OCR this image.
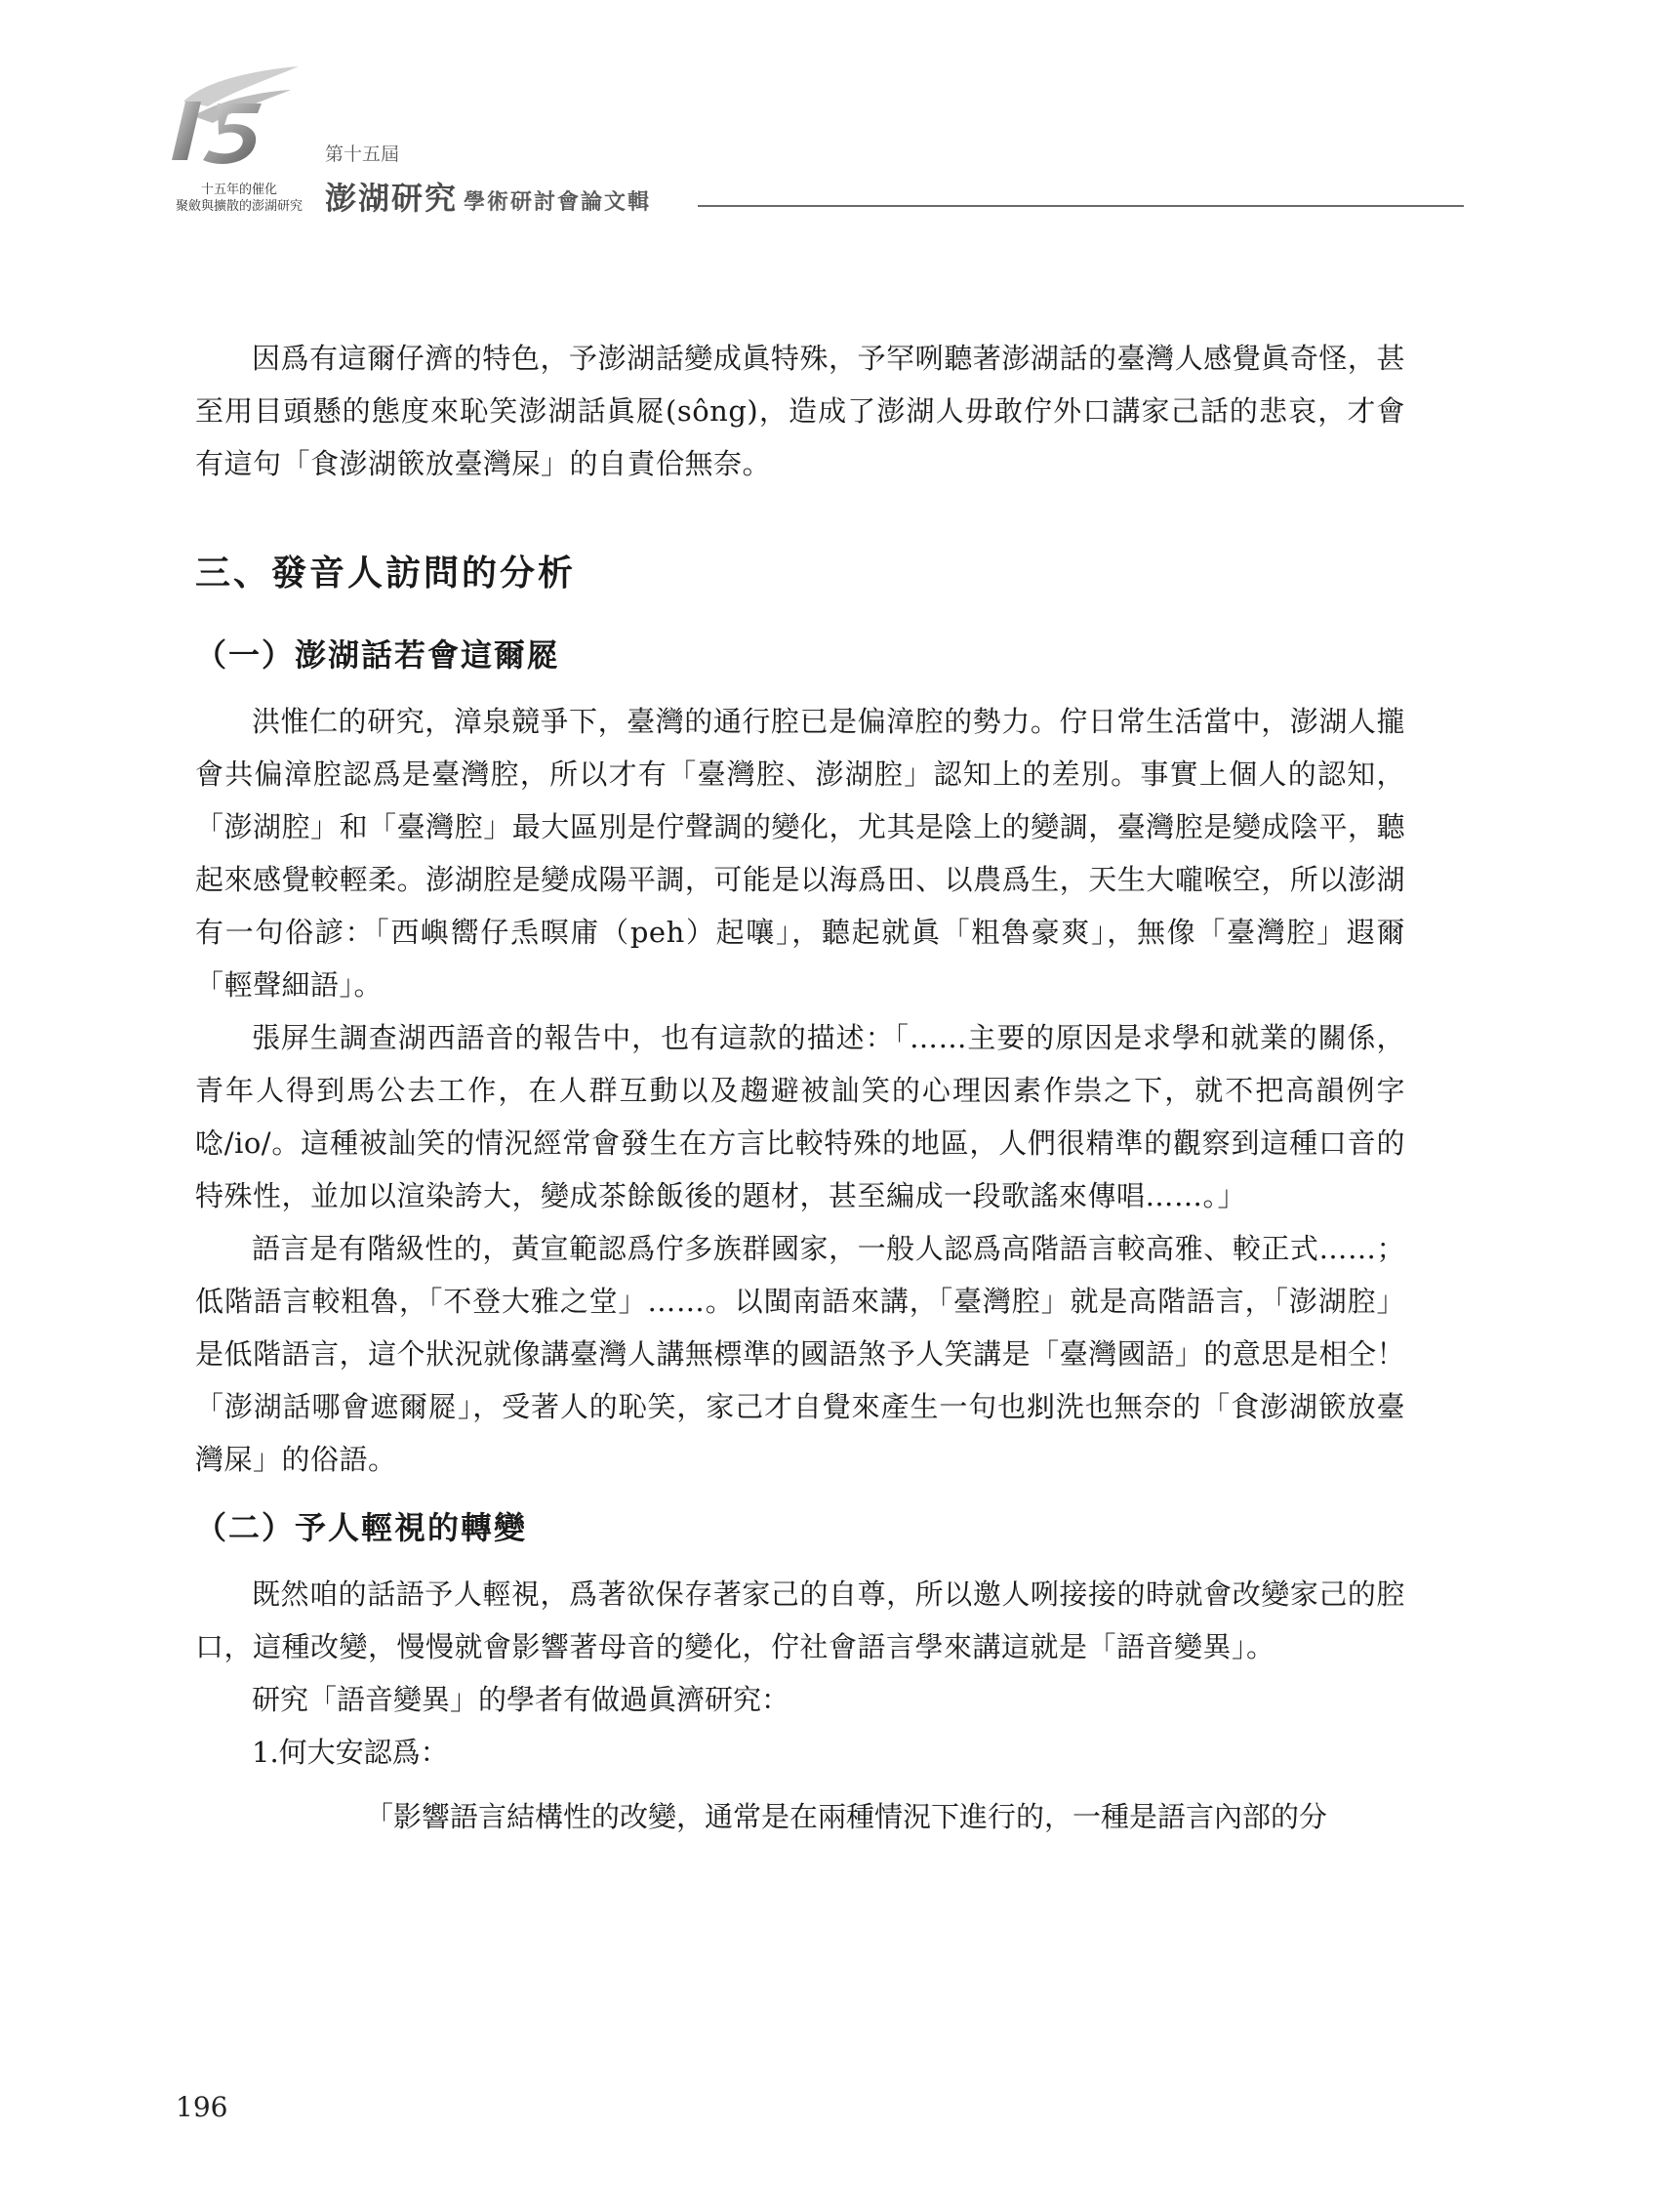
十五年的催化
聚斂與擴散的澎湖研究
第十五屆
澎湖研究 學術研討會論文輯

因爲有這爾仔濟的特色，予澎湖話變成眞特殊，予罕咧聽著澎湖話的臺灣人感覺眞奇怪，甚至用目頭懸的態度來恥笑澎湖話眞㞞(sông)，造成了澎湖人毋敢佇外口講家己話的悲哀，才會有這句「食澎湖篏放臺灣屎」的自責佮無奈。

三、發音人訪問的分析
（一）澎湖話若會這爾㞞

洪惟仁的研究，漳泉競爭下，臺灣的通行腔已是偏漳腔的勢力。佇日常生活當中，澎湖人攏會共偏漳腔認爲是臺灣腔，所以才有「臺灣腔、澎湖腔」認知上的差別。事實上個人的認知，「澎湖腔」和「臺灣腔」最大區別是佇聲調的變化，尤其是陰上的變調，臺灣腔是變成陰平，聽起來感覺較輕柔。澎湖腔是變成陽平調，可能是以海爲田、以農爲生，天生大嚨喉空，所以澎湖有一句俗諺：「西嶼嚮仔𤆬暝庯（peh）起嚷」，聽起就眞「粗魯豪爽」，無像「臺灣腔」遐爾「輕聲細語」。

張屏生調查湖西語音的報告中，也有這款的描述：「……主要的原因是求學和就業的關係，青年人得到馬公去工作，在人群互動以及趨避被訕笑的心理因素作祟之下，就不把高韻例字唸/io/。這種被訕笑的情況經常會發生在方言比較特殊的地區，人們很精準的觀察到這種口音的特殊性，並加以渲染誇大，變成茶餘飯後的題材，甚至編成一段歌謠來傳唱……。」

語言是有階級性的，黃宣範認爲佇多族群國家，一般人認爲高階語言較高雅、較正式……；低階語言較粗魯，「不登大雅之堂」……。以閩南語來講，「臺灣腔」就是高階語言，「澎湖腔」是低階語言，這个狀況就像講臺灣人講無標準的國語煞予人笑講是「臺灣國語」的意思是相仝！「澎湖話哪會遮爾㞞」，受著人的恥笑，家己才自覺來產生一句也𠛪洗也無奈的「食澎湖篏放臺灣屎」的俗語。

（二）予人輕視的轉變

既然咱的話語予人輕視，爲著欲保存著家己的自尊，所以邀人咧接接的時就會改變家己的腔口，這種改變，慢慢就會影響著母音的變化，佇社會語言學來講這就是「語音變異」。

研究「語音變異」的學者有做過眞濟研究：

1.何大安認爲：

「影響語言結構性的改變，通常是在兩種情況下進行的，一種是語言內部的分

196
